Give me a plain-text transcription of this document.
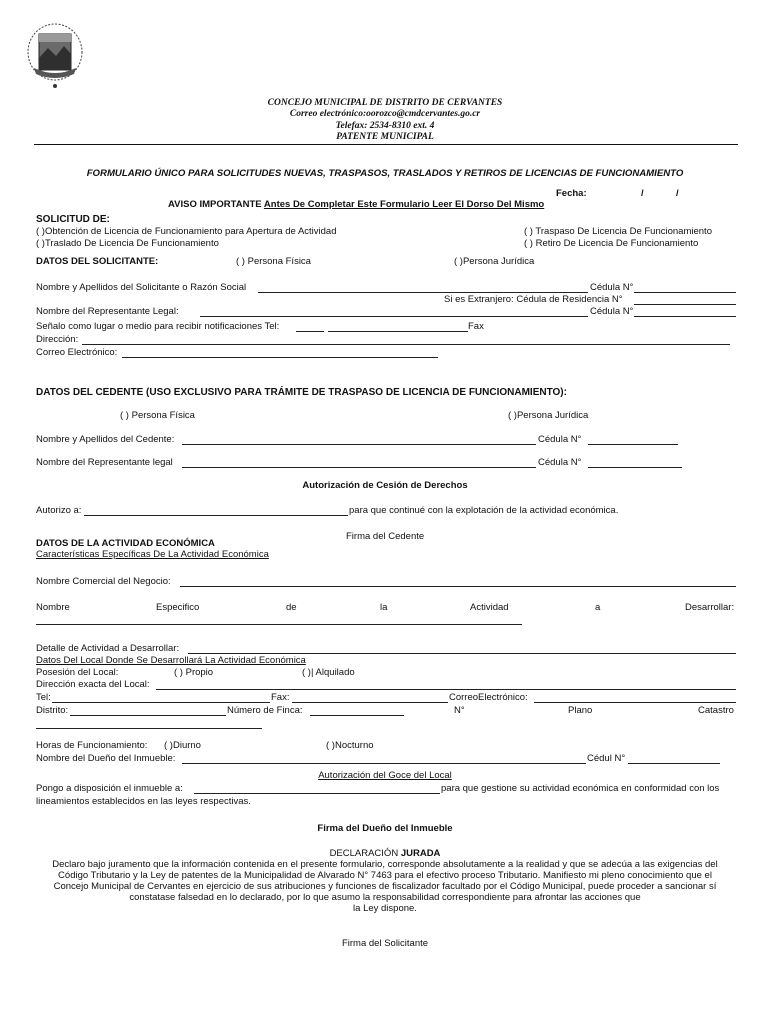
CONCEJO MUNICIPAL DE DISTRITO DE CERVANTES
Correo electrónico:oorozco@cmdcervantes.go.cr
Telefax: 2534-8310 ext. 4
PATENTE MUNICIPAL
FORMULARIO ÚNICO PARA SOLICITUDES NUEVAS, TRASPASOS, TRASLADOS Y RETIROS DE LICENCIAS DE FUNCIONAMIENTO
Fecha:	/	/
AVISO IMPORTANTE Antes De Completar Este Formulario Leer El Dorso Del Mismo
SOLICITUD DE:
( )Obtención de Licencia de Funcionamiento para Apertura de Actividad
( )Traslado De Licencia De Funcionamiento
( ) Traspaso De Licencia De Funcionamiento
( ) Retiro De Licencia De Funcionamiento
DATOS DEL SOLICITANTE:	( ) Persona Física	( )Persona Jurídica
Nombre y Apellidos del Solicitante o Razón Social	Cédula N°
Si es Extranjero: Cédula de Residencia N°
Nombre del Representante Legal:	Cédula N°
Señalo como lugar o medio para recibir notificaciones Tel:	Fax
Dirección:
Correo Electrónico:
DATOS DEL CEDENTE (USO EXCLUSIVO PARA TRÁMITE DE TRASPASO DE LICENCIA DE FUNCIONAMIENTO):
( ) Persona Física	( )Persona Jurídica
Nombre y Apellidos del Cedente:	Cédula N°
Nombre del Representante legal	Cédula N°
Autorización de Cesión de Derechos
Autorizo a:	para que continué con la explotación de la actividad económica.
Firma del Cedente
DATOS DE LA ACTIVIDAD ECONÓMICA
Características Específicas De La Actividad Económica
Nombre Comercial del Negocio:
Nombre	Especifico	de	la	Actividad	a	Desarrollar:
Detalle de Actividad a Desarrollar:
Datos Del Local Donde Se Desarrollará La Actividad Económica
Posesión del Local:	( ) Propio	( )| Alquilado
Dirección exacta del Local:
Tel:	Fax:	CorreoElectrónico:
Distrito:	Número de Finca:	N°	Plano	Catastro
Horas de Funcionamiento: ( )Diurno	( )Nocturno
Nombre del Dueño del Inmueble:	Cédul N°
Autorización del Goce del Local
Pongo a disposición el inmueble a:	para que gestione su actividad económica en conformidad con los
lineamientos establecidos en las leyes respectivas.
Firma del Dueño del Inmueble
DECLARACIÓN JURADA
Declaro bajo juramento que la información contenida en el presente formulario, corresponde absolutamente a la realidad y que se adecúa a las exigencias del
Código Tributario y la Ley de patentes de la Municipalidad de Alvarado N° 7463 para el efectivo proceso Tributario. Manifiesto mi pleno conocimiento que el
Concejo Municipal de Cervantes en ejercicio de sus atribuciones y funciones de fiscalizador facultado por el Código Municipal, puede proceder a sancionar sí
constatase falsedad en lo declarado, por lo que asumo la responsabilidad correspondiente para afrontar las acciones que
la Ley dispone.
Firma del Solicitante
